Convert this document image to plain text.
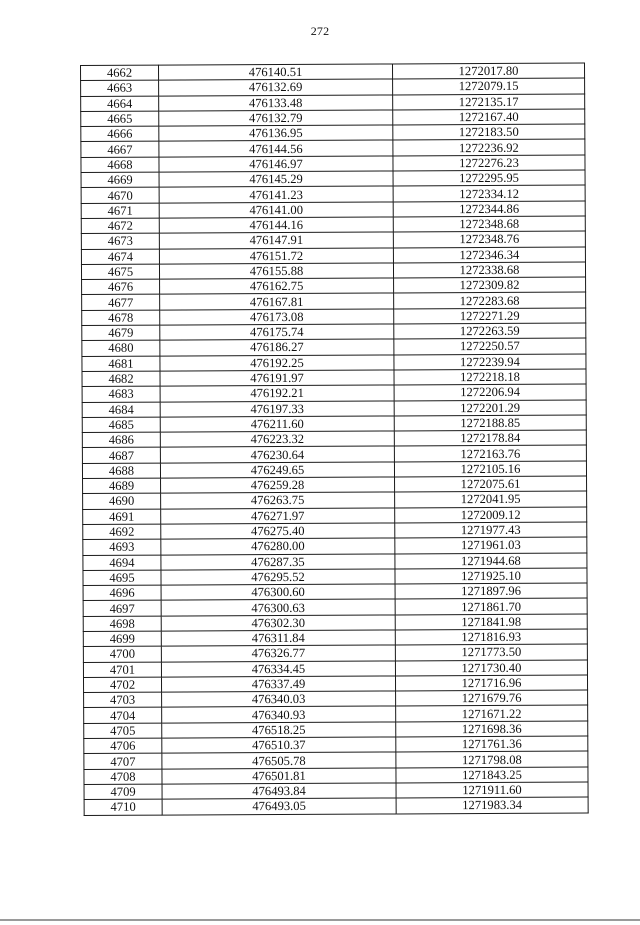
272
4662	476140.51	1272017.80
4663	476132.69	1272079.15
4664	476133.48	1272135.17
4665	476132.79	1272167.40
4666	476136.95	1272183.50
4667	476144.56	1272236.92
4668	476146.97	1272276.23
4669	476145.29	1272295.95
4670	476141.23	1272334.12
4671	476141.00	1272344.86
4672	476144.16	1272348.68
4673	476147.91	1272348.76
4674	476151.72	1272346.34
4675	476155.88	1272338.68
4676	476162.75	1272309.82
4677	476167.81	1272283.68
4678	476173.08	1272271.29
4679	476175.74	1272263.59
4680	476186.27	1272250.57
4681	476192.25	1272239.94
4682	476191.97	1272218.18
4683	476192.21	1272206.94
4684	476197.33	1272201.29
4685	476211.60	1272188.85
4686	476223.32	1272178.84
4687	476230.64	1272163.76
4688	476249.65	1272105.16
4689	476259.28	1272075.61
4690	476263.75	1272041.95
4691	476271.97	1272009.12
4692	476275.40	1271977.43
4693	476280.00	1271961.03
4694	476287.35	1271944.68
4695	476295.52	1271925.10
4696	476300.60	1271897.96
4697	476300.63	1271861.70
4698	476302.30	1271841.98
4699	476311.84	1271816.93
4700	476326.77	1271773.50
4701	476334.45	1271730.40
4702	476337.49	1271716.96
4703	476340.03	1271679.76
4704	476340.93	1271671.22
4705	476518.25	1271698.36
4706	476510.37	1271761.36
4707	476505.78	1271798.08
4708	476501.81	1271843.25
4709	476493.84	1271911.60
4710	476493.05	1271983.34
